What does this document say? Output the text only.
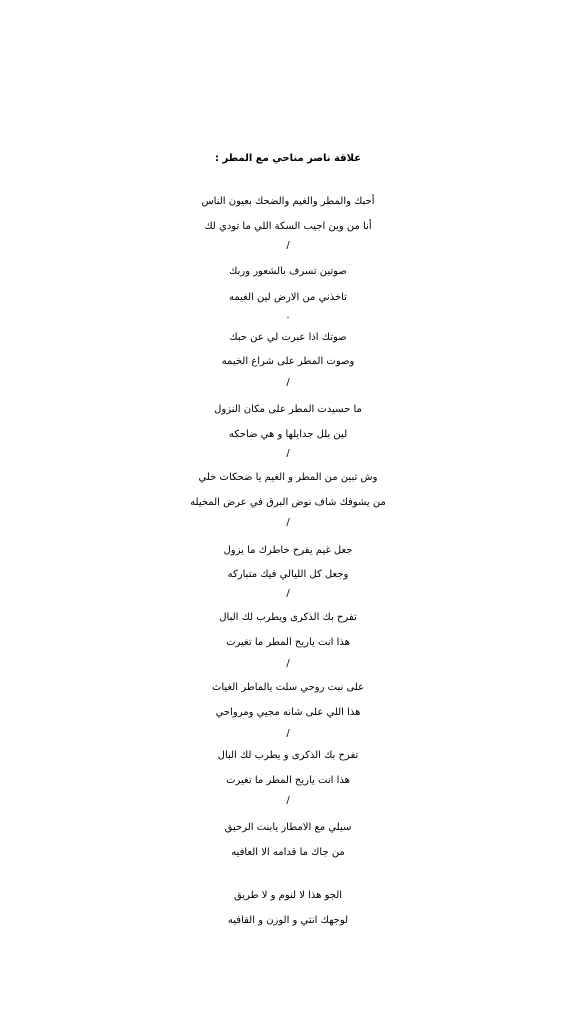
علاقة ناصر مناحي مع المطر :
أحبك والمطر والغيم والضحك بعيون الناس
أنا من وين اجيب السكة اللي ما تودي لك
/
صوتين تسرف بالشعور وربك
تاخذني من الارض لين الغيمه
.
صوتك اذا عبرت لي عن حبك
وصوت المطر على شراع الخيمه
/
ما حسيدت المطر على مكان النزول
لين بلل جدايلها و هي ضاحكه
/
وش تبين من المطر و الغيم يا ضحكات خلي
من يشوفك شاف نوض البرق في عرض المخيله
/
جعل غيم يفرح خاطرك ما يزول
وجعل كل الليالي فيك متباركه
/
تفرح بك الذكرى ويطرب لك البال
هذا انت ياريح المطر ما تغيرت
/
على نبت روحي سلت يالماطر الغياث
هذا اللي على شانه مجيي ومرواحي
/
تفرح بك الذكرى و يطرب لك البال
هذا انت ياريح المطر ما تغيرت
/
سيلي مع الامطار يابنت الرحيق
من جاك ما قدامه الا العافيه
الجو هذا لا لنوم و لا طريق
لوجهك انتي و الوزن و القافيه
